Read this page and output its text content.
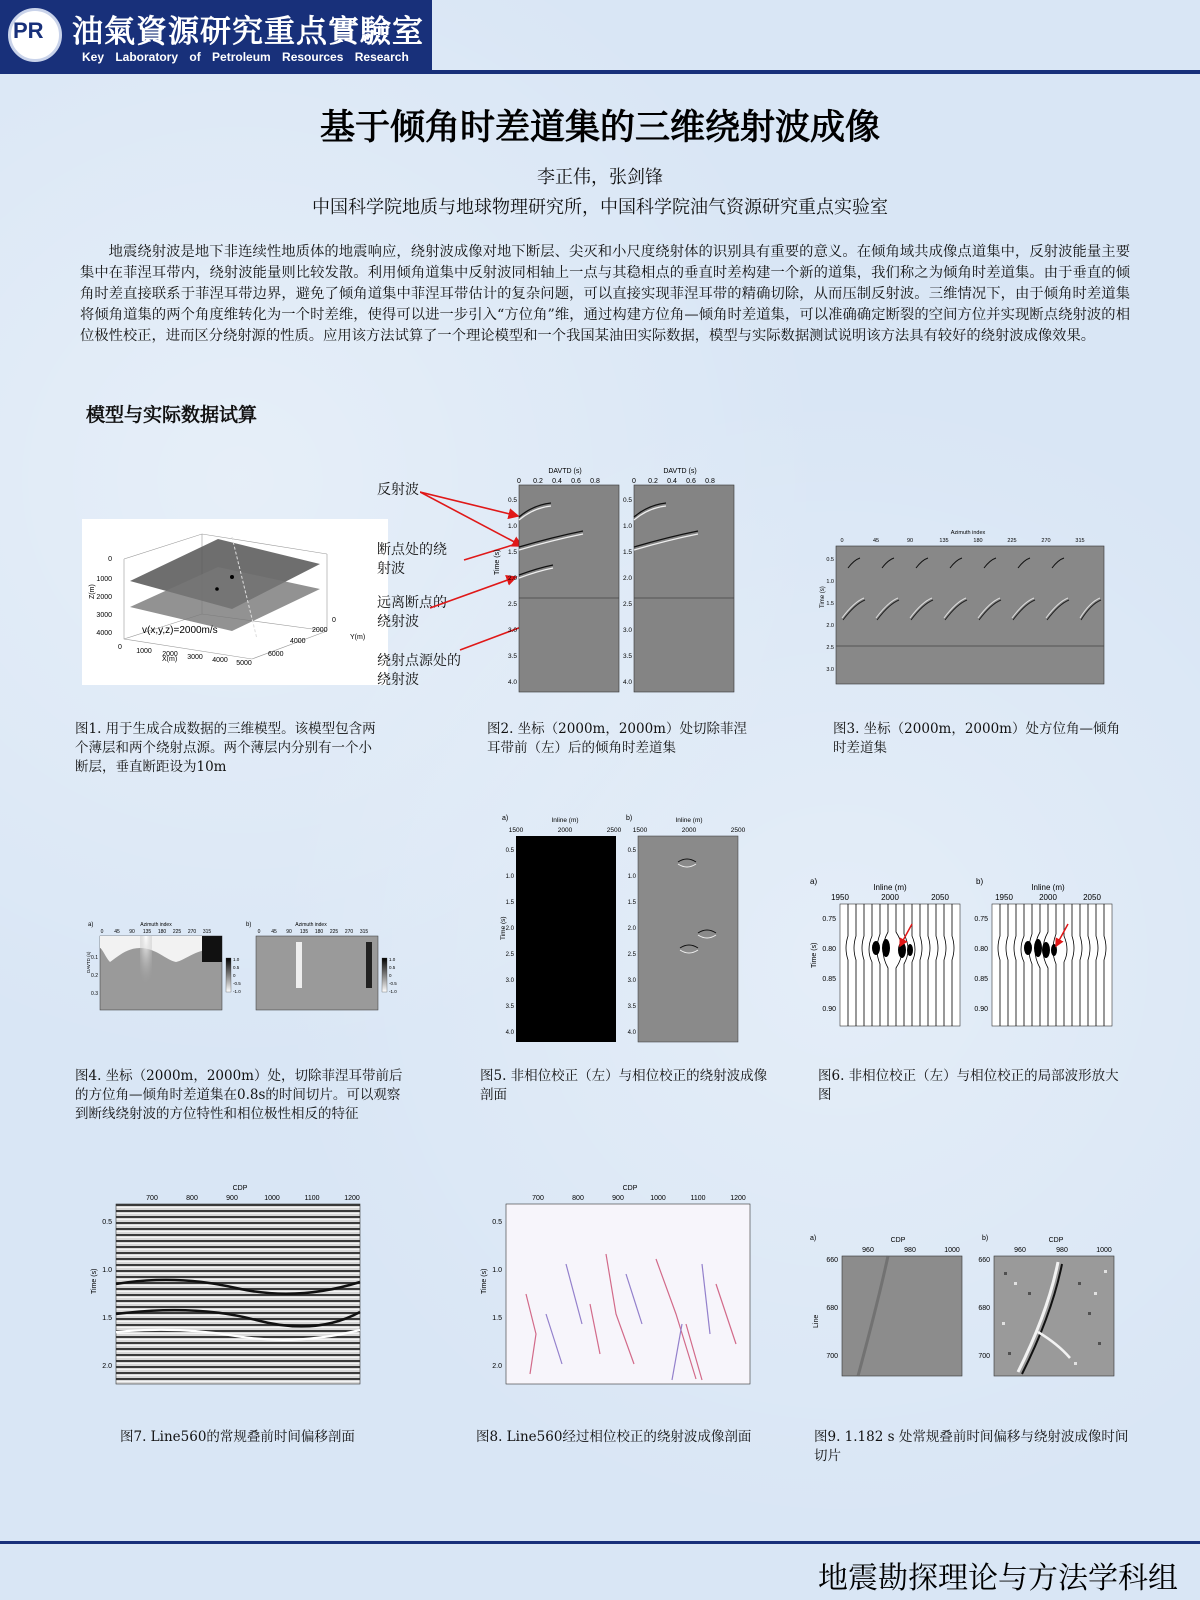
PR 油氣資源研究重点實驗室
Key Laboratory of Petroleum Resources Research
基于倾角时差道集的三维绕射波成像
李正伟，张剑锋
中国科学院地质与地球物理研究所，中国科学院油气资源研究重点实验室
地震绕射波是地下非连续性地质体的地震响应，绕射波成像对地下断层、尖灭和小尺度绕射体的识别具有重要的意义。在倾角域共成像点道集中，反射波能量主要集中在菲涅耳带内，绕射波能量则比较发散。利用倾角道集中反射波同相轴上一点与其稳相点的垂直时差构建一个新的道集，我们称之为倾角时差道集。由于垂直的倾角时差直接联系于菲涅耳带边界，避免了倾角道集中菲涅耳带估计的复杂问题，可以直接实现菲涅耳带的精确切除，从而压制反射波。三维情况下，由于倾角时差道集将倾角道集的两个角度维转化为一个时差维，使得可以进一步引入“方位角”维，通过构建方位角—倾角时差道集，可以准确确定断裂的空间方位并实现断点绕射波的相位极性校正，进而区分绕射源的性质。应用该方法试算了一个理论模型和一个我国某油田实际数据，模型与实际数据测试说明该方法具有较好的绕射波成像效果。
模型与实际数据试算
v(x,y,z)=2000m/s
Z(m)
X(m)
Y(m)
0
1000
2000
3000
4000
0
1000 2000 3000 4000 5000
0
2000
4000
6000
图1. 用于生成合成数据的三维模型。该模型包含两个薄层和两个绕射点源。两个薄层内分别有一个小断层，垂直断距设为10m
反射波
断点处的绕射波
远离断点的绕射波
绕射点源处的绕射波
DAVTD (s)	DAVTD (s)
0 0.2 0.4 0.6 0.8	0 0.2 0.4 0.6 0.8
Time (s)
0.5
1.0
1.5
2.0
2.5
3.0
3.5
4.0
0.5
1.0
1.5
2.0
2.5
3.0
3.5
4.0
图2. 坐标（2000m，2000m）处切除菲涅耳带前（左）后的倾角时差道集
Azimuth index
0	45	90	135	180	225	270	315
Time (s)
0.5
1.0
1.5
2.0
2.5
3.0
图3. 坐标（2000m，2000m）处方位角—倾角时差道集
a)	b)
Azimuth index	Azimuth index
0 45 90 135 180 225 270 315	0 45 90 135 180 225 270 315
DAVTD (s) 0.1
0.2
0.3
1.0
0.5
0
-0.5
-1.0
1.0
0.5
0
-0.5
-1.0
图4. 坐标（2000m，2000m）处，切除菲涅耳带前后的方位角—倾角时差道集在0.8s的时间切片。可以观察到断线绕射波的方位特性和相位极性相反的特征
a)	b)
Inline (m)	Inline (m)
1500	2000	2500 1500	2000	2500
Time (s)
0.5
1.0
1.5
2.0
2.5
3.0
3.5
4.0
0.5
1.0
1.5
2.0
2.5
3.0
3.5
4.0
图5. 非相位校正（左）与相位校正的绕射波成像剖面
a)	b)
Inline (m)	Inline (m)
1950	2000	2050	1950	2000	2050
Time (s)
0.75
0.80
0.85
0.90
0.75
0.80
0.85
0.90
图6. 非相位校正（左）与相位校正的局部波形放大图
CDP
700	800	900	1000	1100	1200
Time (s)
0.5
1.0
1.5
2.0
图7. Line560的常规叠前时间偏移剖面
CDP
700	800	900	1000	1100	1200
Time (s)
0.5
1.0
1.5
2.0
图8. Line560经过相位校正的绕射波成像剖面
a)	b)
CDP	CDP
960	980	1000	960	980	1000
Line
660
680
700
660
680
700
图9. 1.182 s 处常规叠前时间偏移与绕射波成像时间切片
地震勘探理论与方法学科组
